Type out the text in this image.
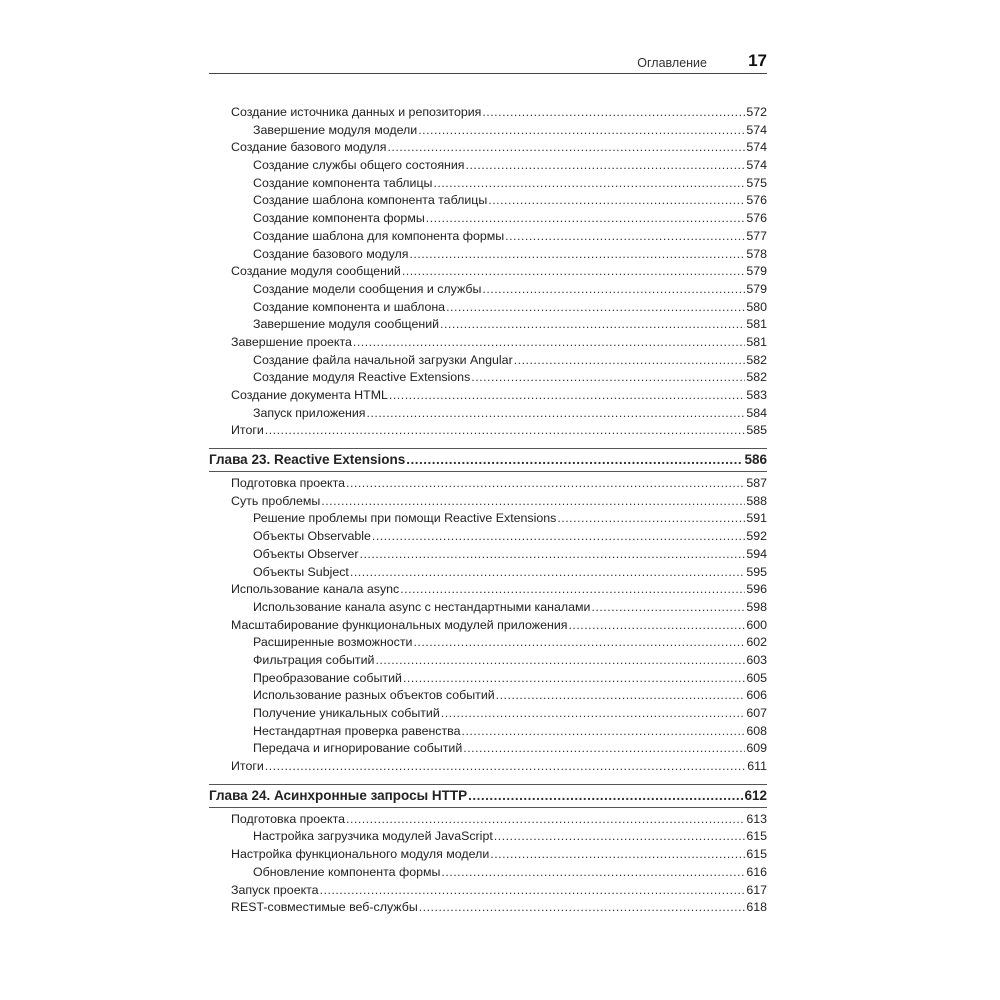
Оглавление 17
Создание источника данных и репозитория .....	572
Завершение модуля модели .....	574
Создание базового модуля .....	574
Создание службы общего состояния .....	574
Создание компонента таблицы .....	575
Создание шаблона компонента таблицы .....	576
Создание компонента формы .....	576
Создание шаблона для компонента формы .....	577
Создание базового модуля .....	578
Создание модуля сообщений .....	579
Создание модели сообщения и службы .....	579
Создание компонента и шаблона .....	580
Завершение модуля сообщений .....	581
Завершение проекта .....	581
Создание файла начальной загрузки Angular .....	582
Создание модуля Reactive Extensions .....	582
Создание документа HTML .....	583
Запуск приложения .....	584
Итоги .....	585
Глава 23. Reactive Extensions .....	586
Подготовка проекта .....	587
Суть проблемы .....	588
Решение проблемы при помощи Reactive Extensions .....	591
Объекты Observable .....	592
Объекты Observer .....	594
Объекты Subject .....	595
Использование канала async .....	596
Использование канала async с нестандартными каналами .....	598
Масштабирование функциональных модулей приложения .....	600
Расширенные возможности .....	602
Фильтрация событий .....	603
Преобразование событий .....	605
Использование разных объектов событий .....	606
Получение уникальных событий .....	607
Нестандартная проверка равенства .....	608
Передача и игнорирование событий .....	609
Итоги .....	611
Глава 24. Асинхронные запросы HTTP .....	612
Подготовка проекта .....	613
Настройка загрузчика модулей JavaScript .....	615
Настройка функционального модуля модели .....	615
Обновление компонента формы .....	616
Запуск проекта .....	617
REST-совместимые веб-службы .....	618
